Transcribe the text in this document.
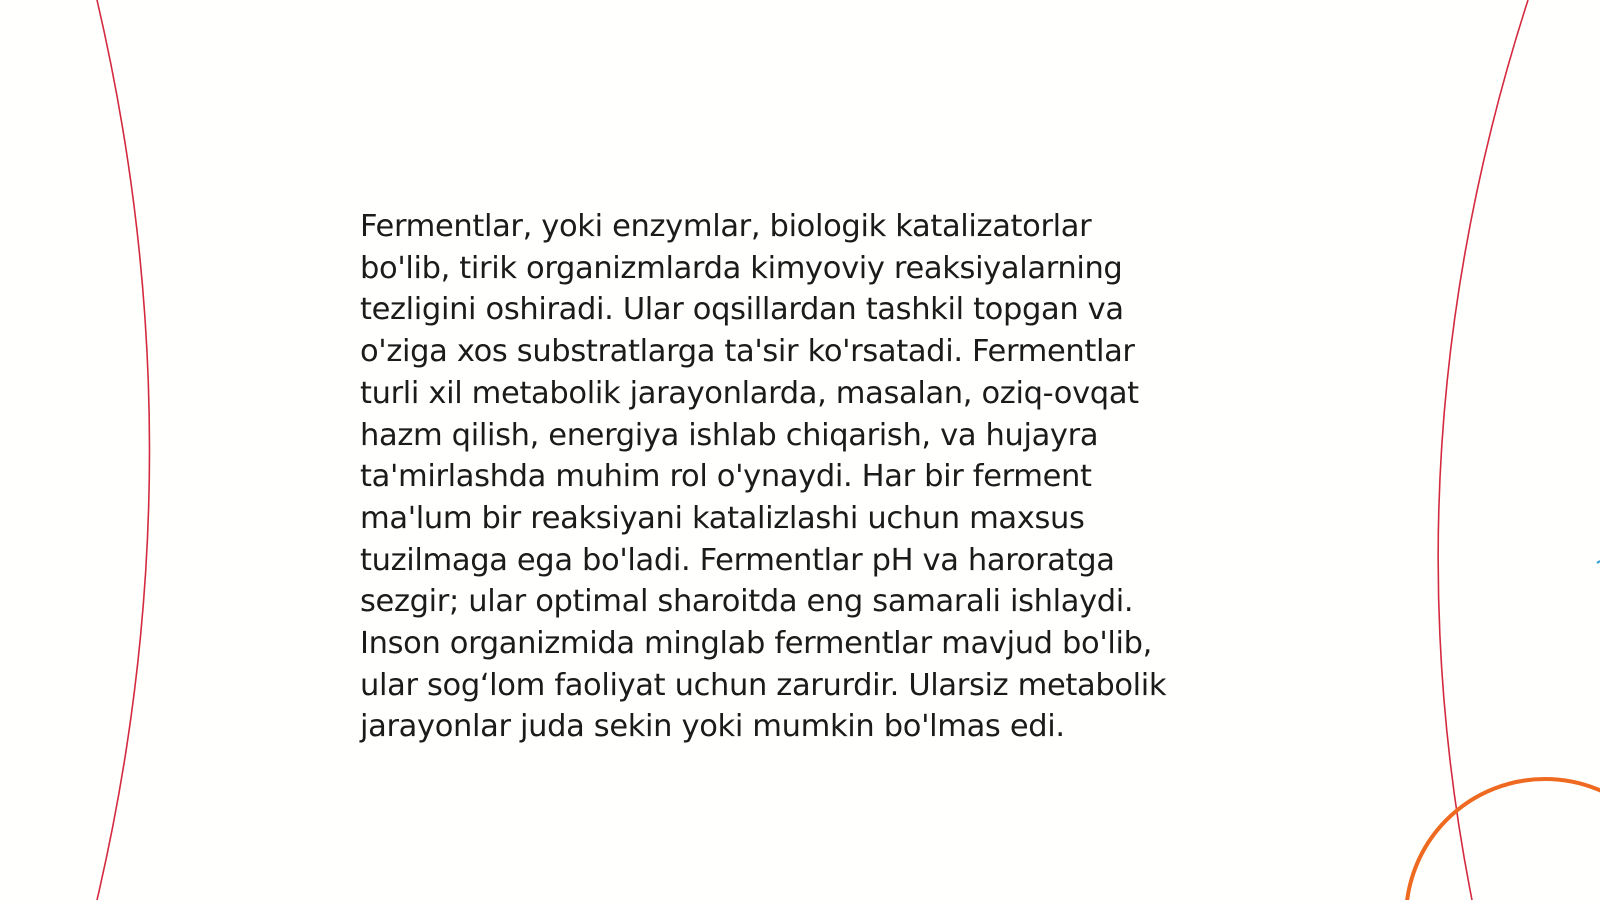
Fermentlar, yoki enzymlar, biologik katalizatorlar
bo'lib, tirik organizmlarda kimyoviy reaksiyalarning
tezligini oshiradi. Ular oqsillardan tashkil topgan va
o'ziga xos substratlarga ta'sir ko'rsatadi. Fermentlar
turli xil metabolik jarayonlarda, masalan, oziq-ovqat
hazm qilish, energiya ishlab chiqarish, va hujayra
ta'mirlashda muhim rol o'ynaydi. Har bir ferment
ma'lum bir reaksiyani katalizlashi uchun maxsus
tuzilmaga ega bo'ladi. Fermentlar pH va haroratga
sezgir; ular optimal sharoitda eng samarali ishlaydi.
Inson organizmida minglab fermentlar mavjud bo'lib,
ular sog‘lom faoliyat uchun zarurdir. Ularsiz metabolik
jarayonlar juda sekin yoki mumkin bo'lmas edi.
